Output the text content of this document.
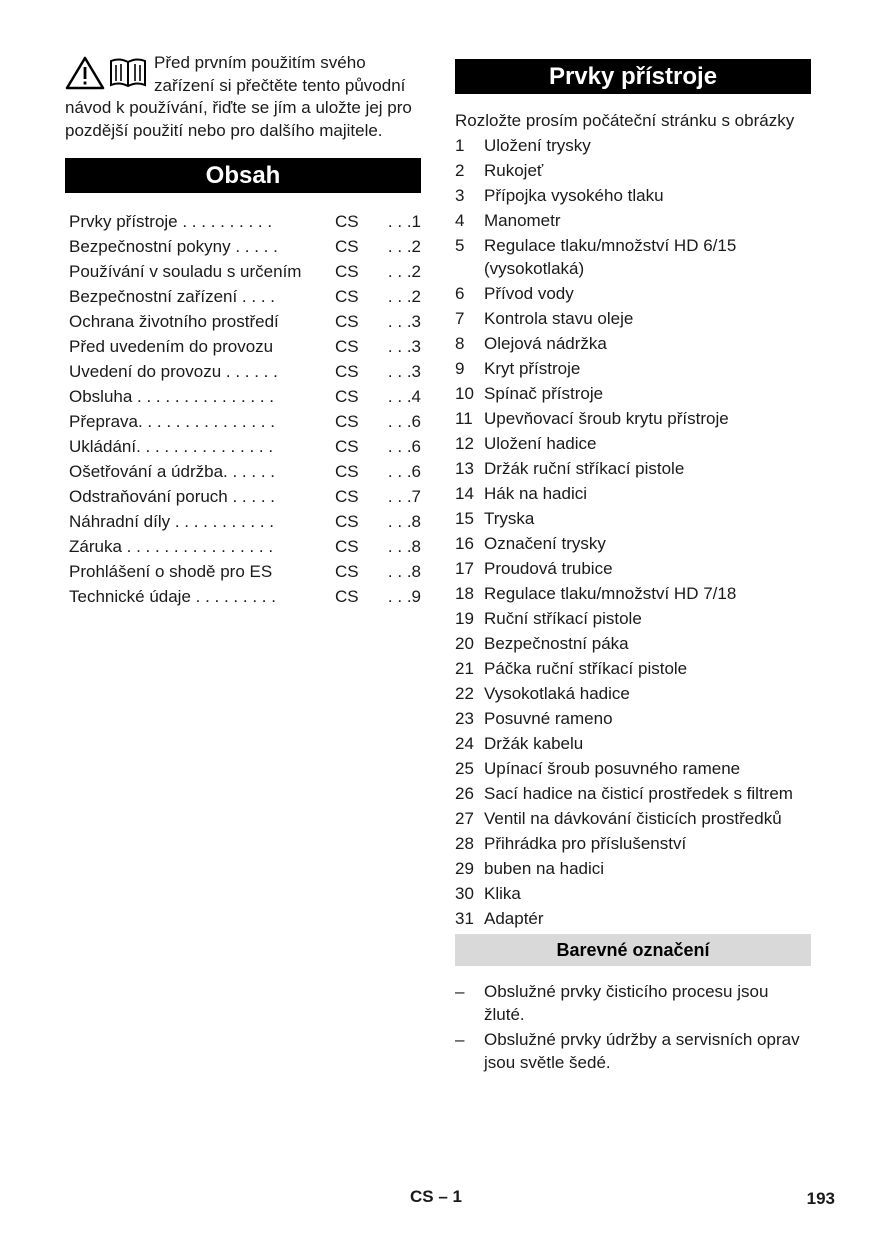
Před prvním použitím svého zařízení si přečtěte tento původní návod k používání, řiďte se jím a uložte jej pro pozdější použití nebo pro dalšího majitele.

Obsah
Prvky přístroje . . . . . . . . . .	CS	. . .1
Bezpečnostní pokyny . . . . .	CS	. . .2
Používání v souladu s určením	CS	. . .2
Bezpečnostní zařízení . . . .	CS	. . .2
Ochrana životního prostředí	CS	. . .3
Před uvedením do provozu	CS	. . .3
Uvedení do provozu . . . . . .	CS	. . .3
Obsluha . . . . . . . . . . . . . . .	CS	. . .4
Přeprava. . . . . . . . . . . . . . .	CS	. . .6
Ukládání. . . . . . . . . . . . . . .	CS	. . .6
Ošetřování a údržba. . . . . .	CS	. . .6
Odstraňování poruch . . . . .	CS	. . .7
Náhradní díly . . . . . . . . . . .	CS	. . .8
Záruka . . . . . . . . . . . . . . . .	CS	. . .8
Prohlášení o shodě pro ES	CS	. . .8
Technické údaje . . . . . . . . .	CS	. . .9
Prvky přístroje
Rozložte prosím počáteční stránku s obrázky
1	Uložení trysky
2	Rukojeť
3	Přípojka vysokého tlaku
4	Manometr
5	Regulace tlaku/množství HD 6/15 (vysokotlaká)
6	Přívod vody
7	Kontrola stavu oleje
8	Olejová nádržka
9	Kryt přístroje
10 Spínač přístroje
11 Upevňovací šroub krytu přístroje
12 Uložení hadice
13 Držák ruční stříkací pistole
14 Hák na hadici
15 Tryska
16 Označení trysky
17 Proudová trubice
18 Regulace tlaku/množství HD 7/18
19 Ruční stříkací pistole
20 Bezpečnostní páka
21 Páčka ruční stříkací pistole
22 Vysokotlaká hadice
23 Posuvné rameno
24 Držák kabelu
25 Upínací šroub posuvného ramene
26 Sací hadice na čisticí prostředek s filtrem
27 Ventil na dávkování čisticích prostředků
28 Přihrádka pro příslušenství
29 buben na hadici
30 Klika
31 Adaptér
Barevné označení
–	Obslužné prvky čisticího procesu jsou žluté.
–	Obslužné prvky údržby a servisních oprav jsou světle šedé.
CS – 1	193
